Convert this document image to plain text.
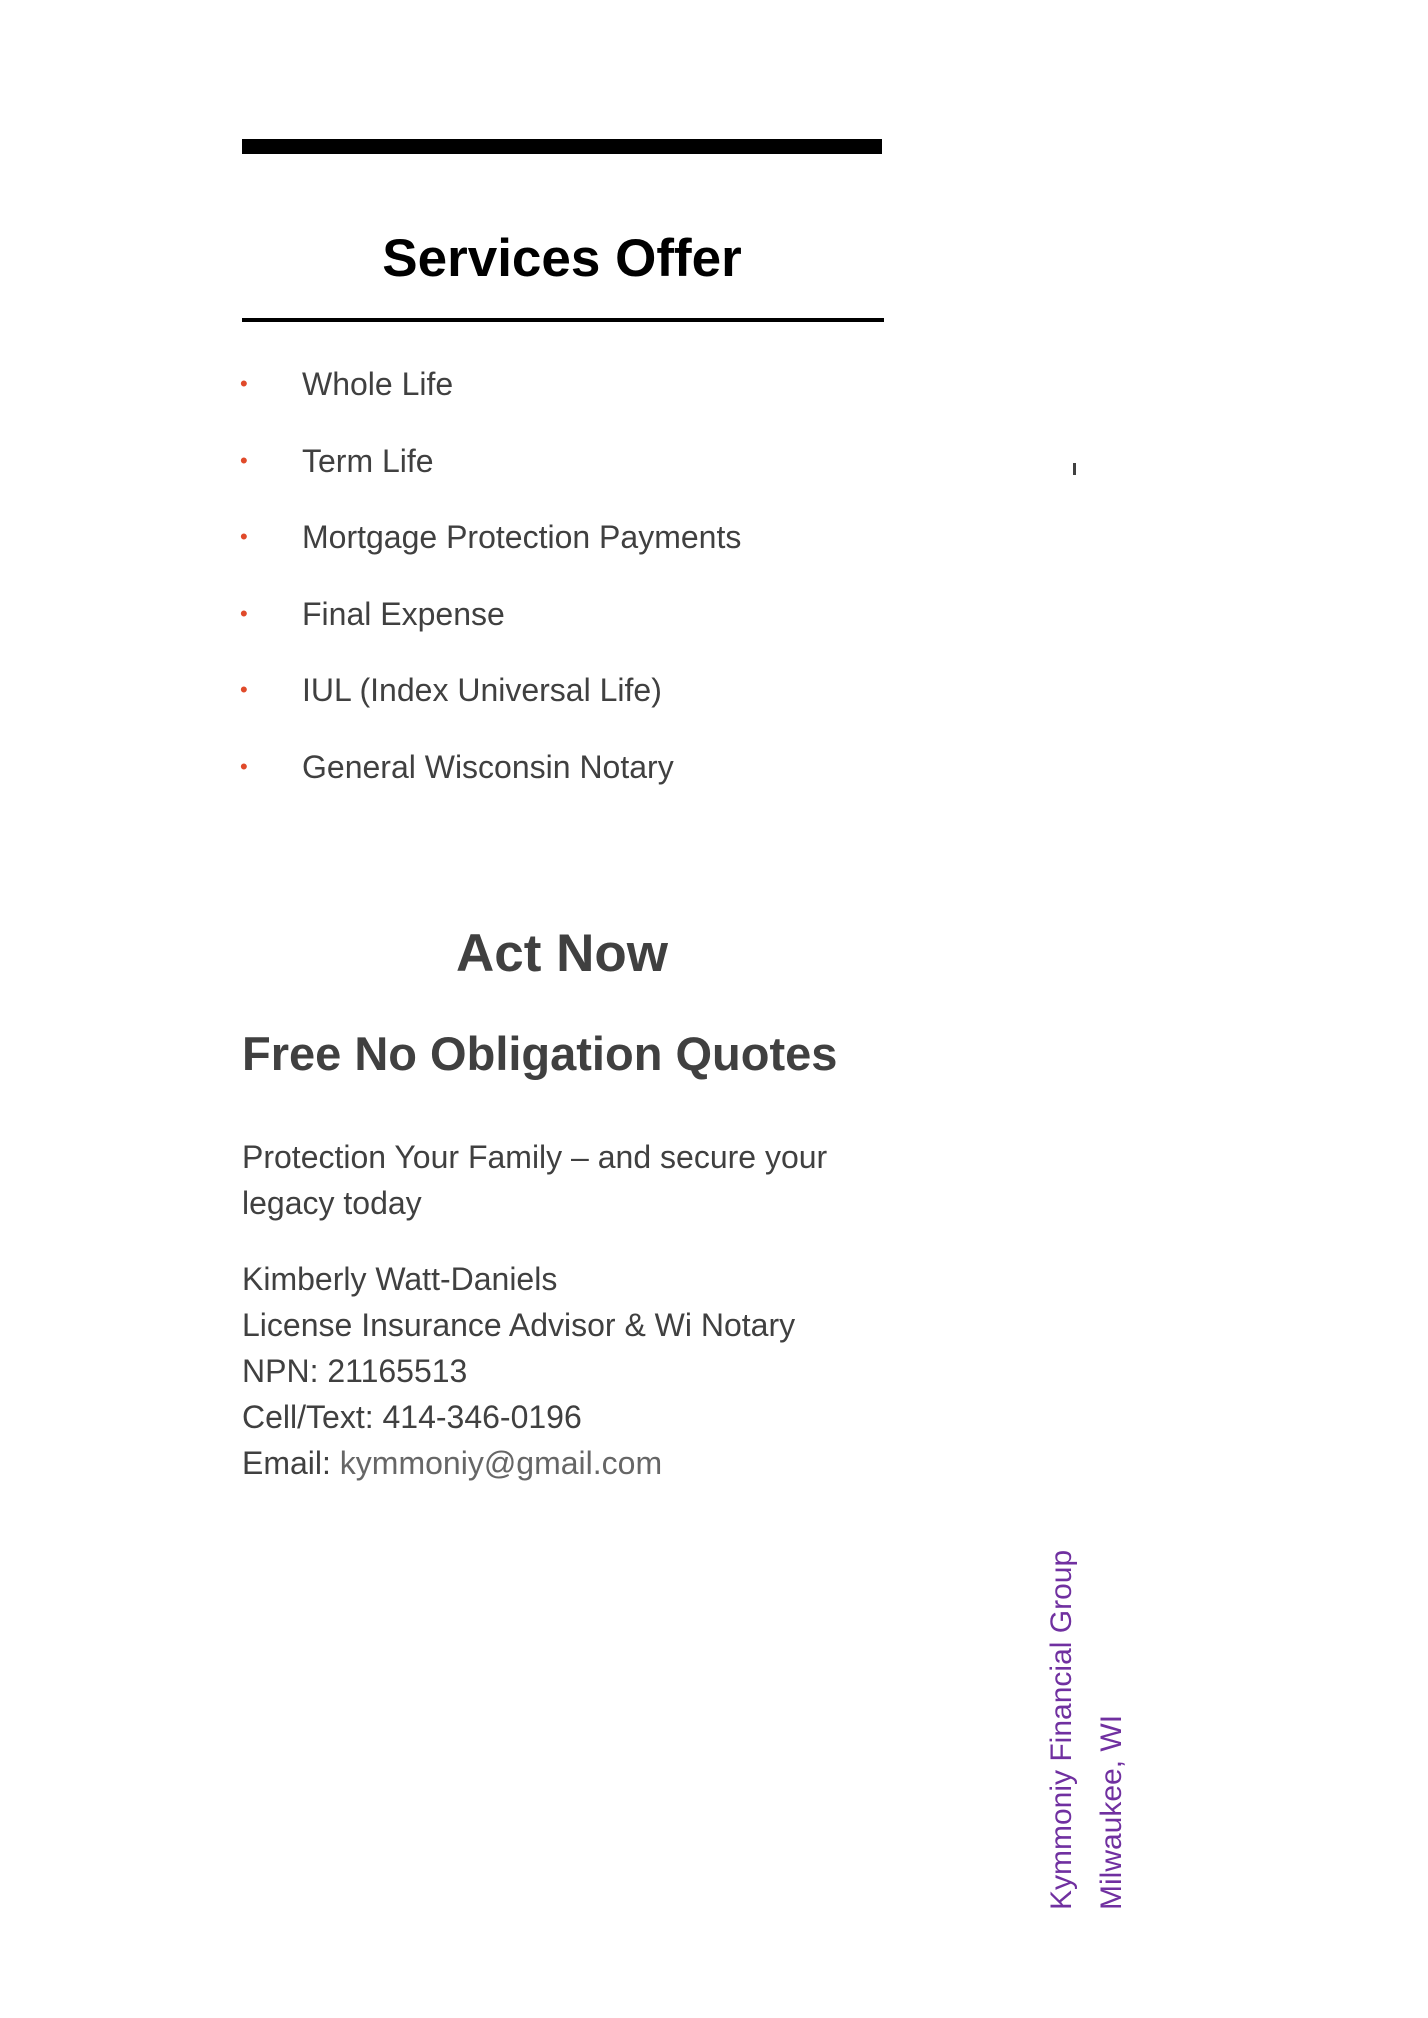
Services Offer
• Whole Life
• Term Life
• Mortgage Protection Payments
• Final Expense
• IUL (Index Universal Life)
• General Wisconsin Notary
Act Now
Free No Obligation Quotes
Protection Your Family – and secure your legacy today
Kimberly Watt-Daniels
License Insurance Advisor & Wi Notary
NPN: 21165513
Cell/Text: 414-346-0196
Email: kymmoniy@gmail.com
Kymmoniy Financial Group Milwaukee, WI
